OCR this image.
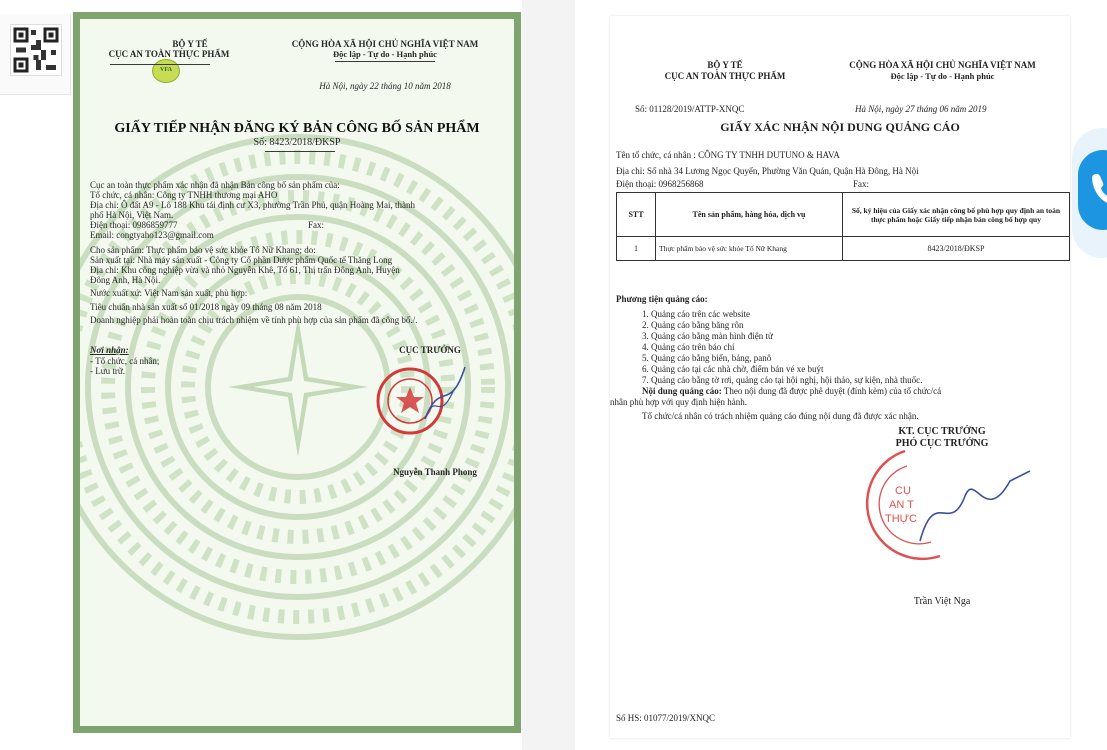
BỘ Y TẾ
CỤC AN TOÀN THỰC PHẨM
VFA
CỘNG HÒA XÃ HỘI CHỦ NGHĨA VIỆT NAM
Độc lập - Tự do - Hạnh phúc
Hà Nội, ngày 22 tháng 10 năm 2018
GIẤY TIẾP NHẬN ĐĂNG KÝ BẢN CÔNG BỐ SẢN PHẨM
Số: 8423/2018/ĐKSP
Cục an toàn thực phẩm xác nhận đã nhận Bản công bố sản phẩm của:
Tổ chức, cá nhân: Công ty TNHH thương mại AHO
Địa chỉ: Ô đất A9 - Lô 188 Khu tái định cư X3, phường Trần Phú, quận Hoàng Mai, thành
phố Hà Nội, Việt Nam.
Điện thoại: 0986859777	Fax:
Email: congtyaho123@gmail.com
Cho sản phẩm: Thực phẩm bảo vệ sức khỏe Tố Nữ Khang; do:
Sản xuất tại: Nhà máy sản xuất - Công ty Cổ phần Dược phẩm Quốc tế Thăng Long
Địa chỉ: Khu công nghiệp vừa và nhỏ Nguyễn Khê, Tổ 61, Thị trấn Đông Anh, Huyện
Đông Anh, Hà Nội.
Nước xuất xứ: Việt Nam sản xuất, phù hợp:
Tiêu chuẩn nhà sản xuất số 01/2018 ngày 09 tháng 08 năm 2018
Doanh nghiệp phải hoàn toàn chịu trách nhiệm về tính phù hợp của sản phẩm đã công bố./.
Nơi nhận:
- Tổ chức, cá nhân;
- Lưu trữ.
CỤC TRƯỞNG
Nguyễn Thanh Phong
BỘ Y TẾ
CỤC AN TOÀN THỰC PHẨM
CỘNG HÒA XÃ HỘI CHỦ NGHĨA VIỆT NAM
Độc lập - Tự do - Hạnh phúc
Số: 01128/2019/ATTP-XNQC	Hà Nội, ngày 27 tháng 06 năm 2019
GIẤY XÁC NHẬN NỘI DUNG QUẢNG CÁO
Tên tổ chức, cá nhân : CÔNG TY TNHH DUTUNO & HAVA
Địa chỉ: Số nhà 34 Lương Ngọc Quyến, Phường Văn Quán, Quận Hà Đông, Hà Nội
Điện thoại: 0968256868	Fax:
STT	Tên sản phẩm, hàng hóa, dịch vụ	Số, ký hiệu của Giấy xác nhận công bố phù hợp quy định an toàn thực phẩm hoặc Giấy tiếp nhận bản công bố hợp quy
1	Thực phẩm bảo vệ sức khỏe Tố Nữ Khang	8423/2018/ĐKSP
Phương tiện quảng cáo:
1. Quảng cáo trên các website
2. Quảng cáo bằng băng rôn
3. Quảng cáo bằng màn hình điện tử
4. Quảng cáo trên báo chí
5. Quảng cáo bằng biển, bảng, panô
6. Quảng cáo tại các nhà chờ, điểm bán vé xe buýt
7. Quảng cáo bằng tờ rơi, quảng cáo tại hội nghị, hội thảo, sự kiện, nhà thuốc.
Nội dung quảng cáo: Theo nội dung đã được phê duyệt (đính kèm) của tổ chức/cá
nhân phù hợp với quy định hiện hành.
Tổ chức/cá nhân có trách nhiệm quảng cáo đúng nội dung đã được xác nhận.
KT. CỤC TRƯỞNG
PHÓ CỤC TRƯỞNG
CỤ
AN T
THỰC
Trần Việt Nga
Số HS: 01077/2019/XNQC
